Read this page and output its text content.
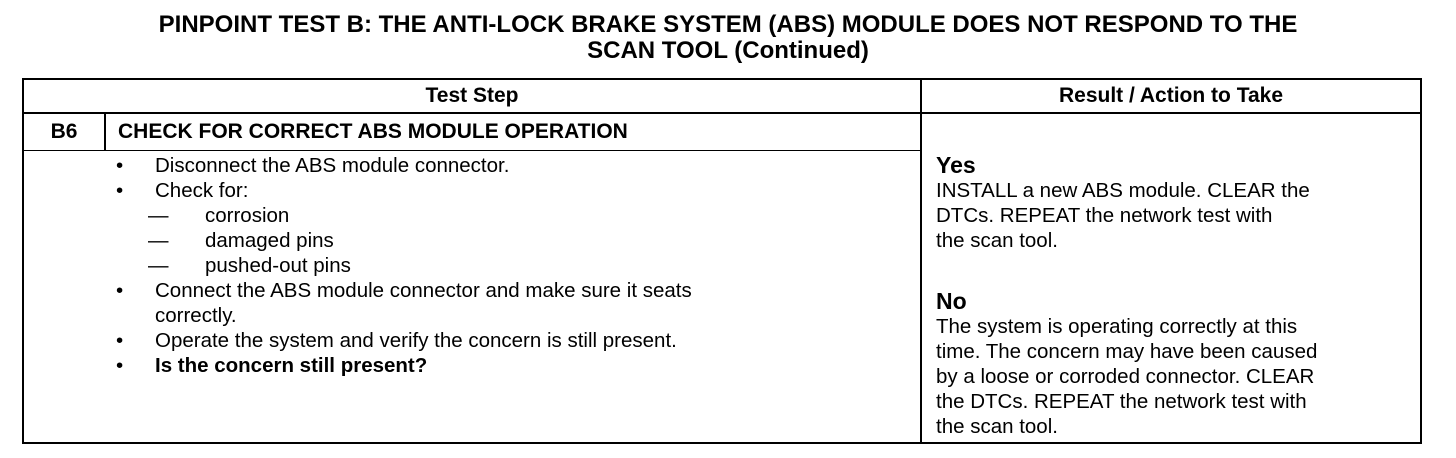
PINPOINT TEST B: THE ANTI-LOCK BRAKE SYSTEM (ABS) MODULE DOES NOT RESPOND TO THE
SCAN TOOL (Continued)
Test Step	Result / Action to Take
B6	CHECK FOR CORRECT ABS MODULE OPERATION
• Disconnect the ABS module connector.
• Check for:
— corrosion
— damaged pins
— pushed-out pins
• Connect the ABS module connector and make sure it seats
correctly.
• Operate the system and verify the concern is still present.
• Is the concern still present?
Yes
INSTALL a new ABS module. CLEAR the
DTCs. REPEAT the network test with
the scan tool.
No
The system is operating correctly at this
time. The concern may have been caused
by a loose or corroded connector. CLEAR
the DTCs. REPEAT the network test with
the scan tool.
